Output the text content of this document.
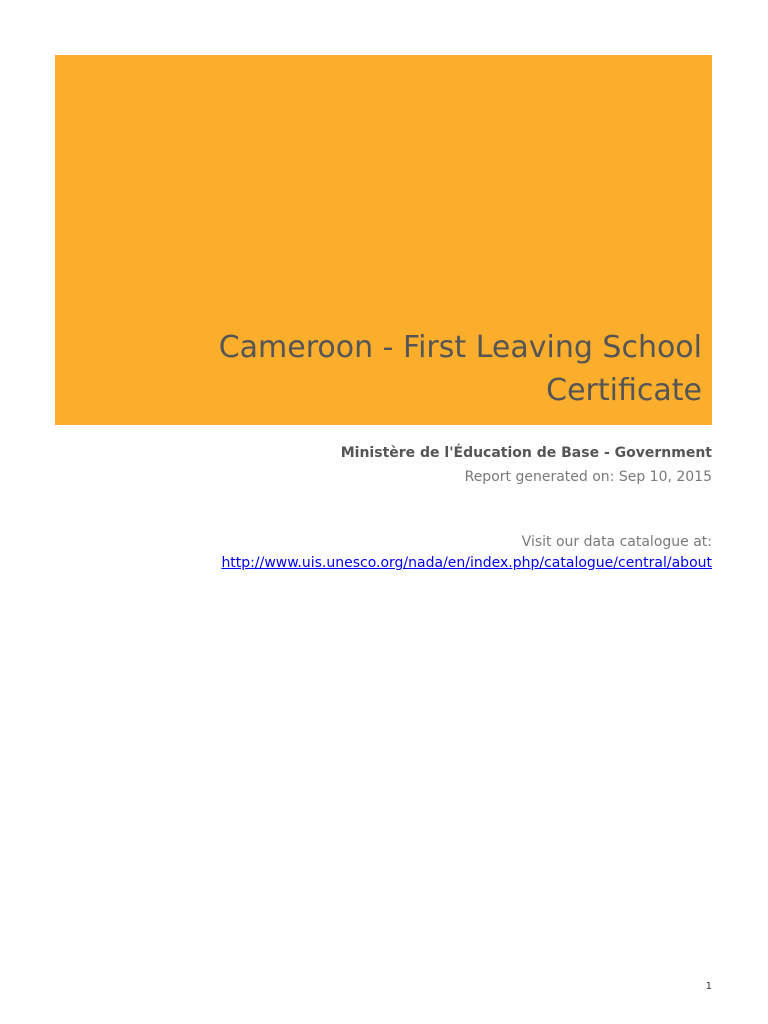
Cameroon - First Leaving School
Certificate
Ministère de l'Éducation de Base - Government
Report generated on: Sep 10, 2015
Visit our data catalogue at:
http://www.uis.unesco.org/nada/en/index.php/catalogue/central/about
1
